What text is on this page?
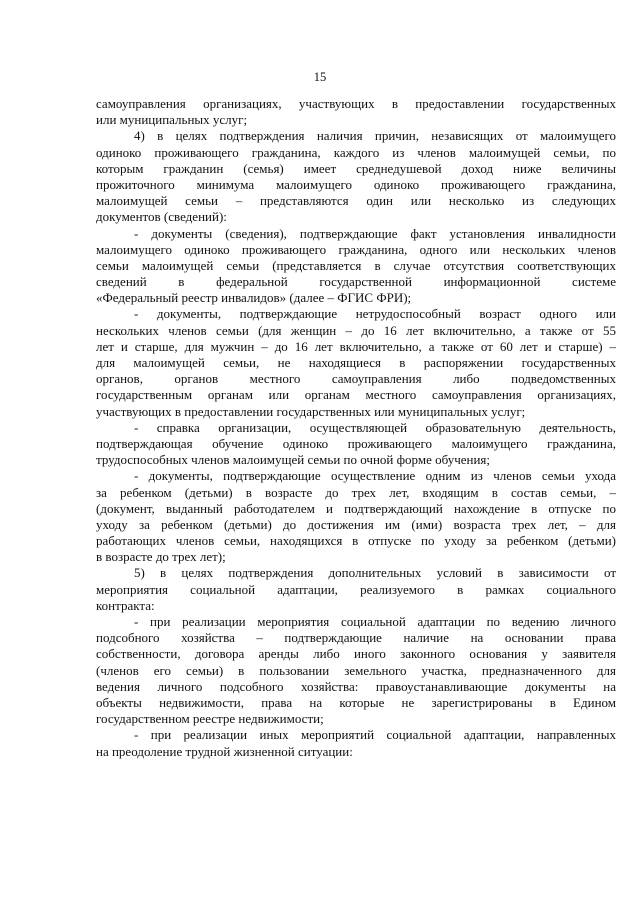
15
самоуправления организациях, участвующих в предоставлении государственных
или муниципальных услуг;
4) в целях подтверждения наличия причин, независящих от малоимущего
одиноко проживающего гражданина, каждого из членов малоимущей семьи, по
которым гражданин (семья) имеет среднедушевой доход ниже величины
прожиточного минимума малоимущего одиноко проживающего гражданина,
малоимущей семьи – представляются один или несколько из следующих
документов (сведений):
- документы (сведения), подтверждающие факт установления инвалидности
малоимущего одиноко проживающего гражданина, одного или нескольких членов
семьи малоимущей семьи (представляется в случае отсутствия соответствующих
сведений в федеральной государственной информационной системе
«Федеральный реестр инвалидов» (далее – ФГИС ФРИ);
- документы, подтверждающие нетрудоспособный возраст одного или
нескольких членов семьи (для женщин – до 16 лет включительно, а также от 55
лет и старше, для мужчин – до 16 лет включительно, а также от 60 лет и старше) –
для малоимущей семьи, не находящиеся в распоряжении государственных
органов, органов местного самоуправления либо подведомственных
государственным органам или органам местного самоуправления организациях,
участвующих в предоставлении государственных или муниципальных услуг;
- справка организации, осуществляющей образовательную деятельность,
подтверждающая обучение одиноко проживающего малоимущего гражданина,
трудоспособных членов малоимущей семьи по очной форме обучения;
- документы, подтверждающие осуществление одним из членов семьи ухода
за ребенком (детьми) в возрасте до трех лет, входящим в состав семьи, –
(документ, выданный работодателем и подтверждающий нахождение в отпуске по
уходу за ребенком (детьми) до достижения им (ими) возраста трех лет, – для
работающих членов семьи, находящихся в отпуске по уходу за ребенком (детьми)
в возрасте до трех лет);
5) в целях подтверждения дополнительных условий в зависимости от
мероприятия социальной адаптации, реализуемого в рамках социального
контракта:
- при реализации мероприятия социальной адаптации по ведению личного
подсобного хозяйства – подтверждающие наличие на основании права
собственности, договора аренды либо иного законного основания у заявителя
(членов его семьи) в пользовании земельного участка, предназначенного для
ведения личного подсобного хозяйства: правоустанавливающие документы на
объекты недвижимости, права на которые не зарегистрированы в Едином
государственном реестре недвижимости;
- при реализации иных мероприятий социальной адаптации, направленных
на преодоление трудной жизненной ситуации:
